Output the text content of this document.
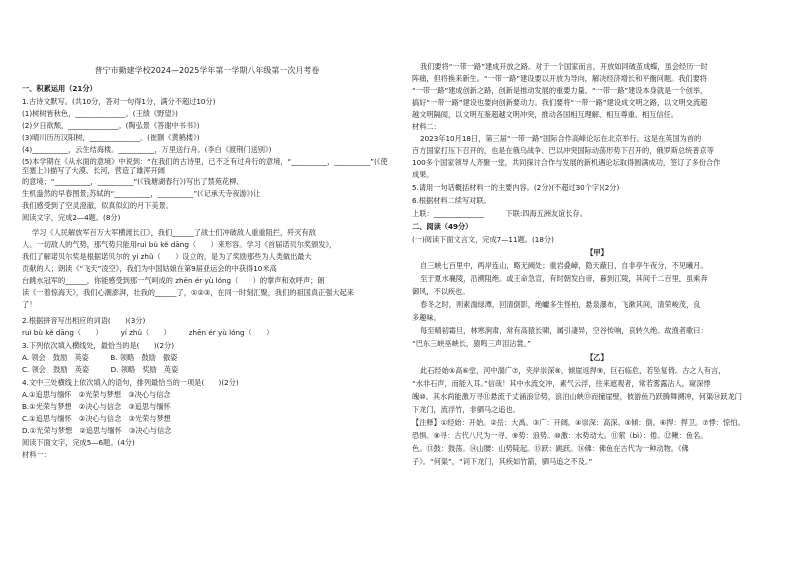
普宁市勤建学校2024—2025学年第一学期八年级第一次月考卷
一、积累运用（21分）
1.古诗文默写。(共10分，答对一句得1分，满分不超过10分)
(1)树树皆秋色，______________。(王绩《野望》)
(2)夕日欲颓，______________。(陶弘景《答谢中书书》)
(3)晴川历历汉阳树，______________。(崔颢《黄鹤楼》)
(4)__________，云生结海楼。__________，万里送行舟。(李白《渡荆门送别》)
(5)本学期在《从水面的意境》中说到：“在我们的古诗里，已不乏有过舟行的意境，“__________，__________”(《使至塞上》)描写了大漠、长河，营造了雄浑开阔
的意境；“__________，__________”(《钱塘湖春行》)写出了禁苑花柳、
生机盎然的早春图景;苏轼的“__________，__________”(《记承天寺夜游》)让
我们感受到了空灵澄澈，似真似幻的月下美景。
阅读文字，完成2—4题。(8分)
学习《人民解放军百万大军横渡长江》，我们______了战士们冲破敌人重重阻拦，歼灭有敌
人、一切敌人的气势，那气势只能用ruì bù kě dāng（　　）来形容。学习《首届诺贝尔奖颁发》，
我们了解诺贝尔奖是根据诺贝尔的 yí zhǔ（　　）设立的，是为了奖励那些为人类做出最大
贡献的人；朗读《“飞天”凌空》，我们为中国姑娘在第9届亚运会的中获得10米高
台跳水冠军的______，你能感受到那一气呵成的 zhēn ér yù lóng（　　）的掌声和欢呼声；朗
读《一着惊海天》，我们心潮澎湃，壮我的______了，①②③，在同一时刻汇聚，我们的祖国真正强大起来
了！
2.根据拼音写出相应的词语(　　)(3分)
ruì bù kě dāng（　　）　　　yí zhǔ（　　）　　　zhēn ér yù lóng（　　）
3.下列依次填入横线处，最恰当的是(　　)(2分)
A. 领会　鼓励　英姿　　　B. 领略　鼓励　傲姿
C. 领会　鼓励　英姿　　　D. 领略　奖励　英姿
4.文中三处横线上依次填入的语句，排列最恰当的一项是(　　)(2分)
A.①追思与缅怀　②光荣与梦想　③决心与信念
B.①光荣与梦想　②决心与信念　③追思与缅怀
C.①追思与缅怀　②决心与信念　③光荣与梦想
D.①光荣与梦想　②追思与缅怀　③决心与信念
阅读下面文字，完成5—6题。(4分)
材料一：
我们要将“一带一路”建成开放之路。对于一个国家而言，开放如同破茧成蝶，虽会经历一时
阵痛，但将换来新生。“一带一路”建设要以开放为导向，解决经济增长和平衡问题。我们要将
“一带一路”建成创新之路，创新是推动发展的重要力量。“一带一路”建设本身就是一个创举，
搞好“一带一路”建设也要向创新要动力。我们要将“一带一路”建设成文明之路，以文明交流超
越文明隔阂，以文明互鉴超越文明冲突，推动各国相互理解、相互尊重、相互信任。
材料二：
2023年10月18日，第三届“一带一路”国际合作高峰论坛在北京举行。这是在英国为首的
百方国家打压下召开的，也是在俄乌战争、巴以冲突国际动荡形势下召开的，俄罗斯总统普京等
100多个国家领导人齐聚一堂，共同探讨合作与发展的新机遇论坛取得圆满成功，签订了多份合作
成果。
5.请用一句话概括材料一的主要内容。(2分)(不超过30个字)(2分)
6.根据材料二续写对联。
上联：______________　　　下联:四海五洲友谊长存。
二、阅读（49分）
(一)阅读下面文言文，完成7—11题。(18分)
【甲】
自三峡七百里中，两岸连山，略无阙处；重岩叠嶂，隐天蔽日，自非亭午夜分，不见曦月。
至于夏水襄陵，沿溯阻绝。或王命急宣，有时朝发白帝，暮到江陵，其间千二百里，虽乘奔
御风，不以疾也。
春冬之时，则素湍绿潭，回清倒影，绝巘多生怪柏，悬泉瀑布，飞漱其间，清荣峻茂，良
多趣味。
每至晴初霜旦，林寒涧肃，常有高猿长啸，属引凄异，空谷传响，哀转久绝。故渔者歌曰：
“巴东三峡巫峡长，猿鸣三声泪沾裳。”
【乙】
此石经始⑤高⑥堂，河中湍广⑦，夹岸崇深⑧，傾崖返捍⑨，巨石临危，若坠复倚。古之人有言，
“水非石声，而能入耳。”信哉！其中水流交冲，素气云浮，往来遮观者，常若雾露沾人，窥深悸
魄⑩。其水尚能激万寻⑪悬流千丈涌浪⑫势，浪泊山峡⑬而撞崖壁，彼游鱼乃跃腾舞溯冲，何渠⑭跃龙门
下龙门，流浮竹，非驷马之追也。
【注释】①经始：开始。②岳：大禹。③广：开阔。④崇深：高深。⑤傾：倒。⑥捍：捍卫。⑦悸：惊怕。
恐惧。⑧寻：古代八尺为一寻。⑨势：浪势。⑩激：水势动大。⑪萦（bì）：倦。⑫鳅：鱼名。
色。⑬鼓：鼓荡。⑭山腰：山势陡起。⑮跃：跳跃。⑯佛：佛鱼在古代为一种动物。《佛
子》。“何渠”，“词下龙门，其疾如竹箭，驷马追之不及。”
